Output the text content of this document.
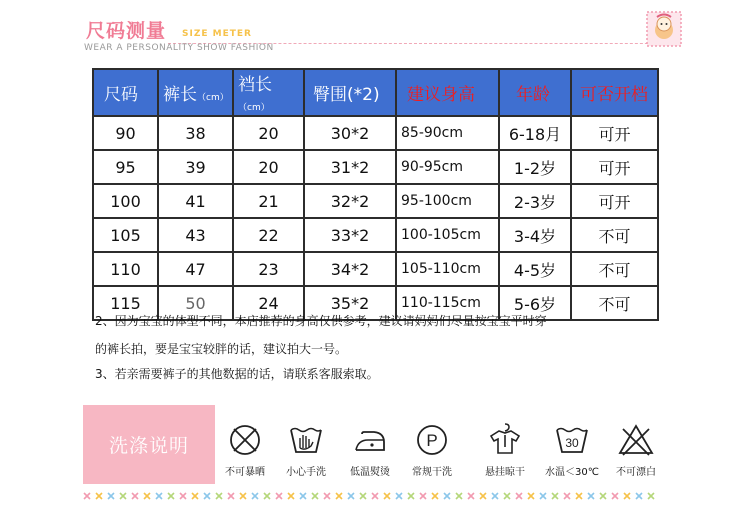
尺码测量 SIZE METER
WEAR A PERSONALITY SHOW FASHION
尺码	裤长（cm）	裆长（cm）	臀围(*2)	建议身高	年龄	可否开档
90	38	20	30*2	85-90cm	6-18月	可开
95	39	20	31*2	90-95cm	1-2岁	可开
100	41	21	32*2	95-100cm	2-3岁	可开
105	43	22	33*2	100-105cm	3-4岁	不可
110	47	23	34*2	105-110cm	4-5岁	不可
115	50	24	35*2	110-115cm	5-6岁	不可
2、因为宝宝的体型不同，本店推荐的身高仅供参考，建议请妈妈们尽量按宝宝平时穿
的裤长拍，要是宝宝较胖的话，建议拍大一号。
3、若亲需要裤子的其他数据的话，请联系客服索取。
洗涤说明
不可暴晒	小心手洗	低温熨烫
P
常规干洗	悬挂晾干
30
水温＜30℃	不可漂白
